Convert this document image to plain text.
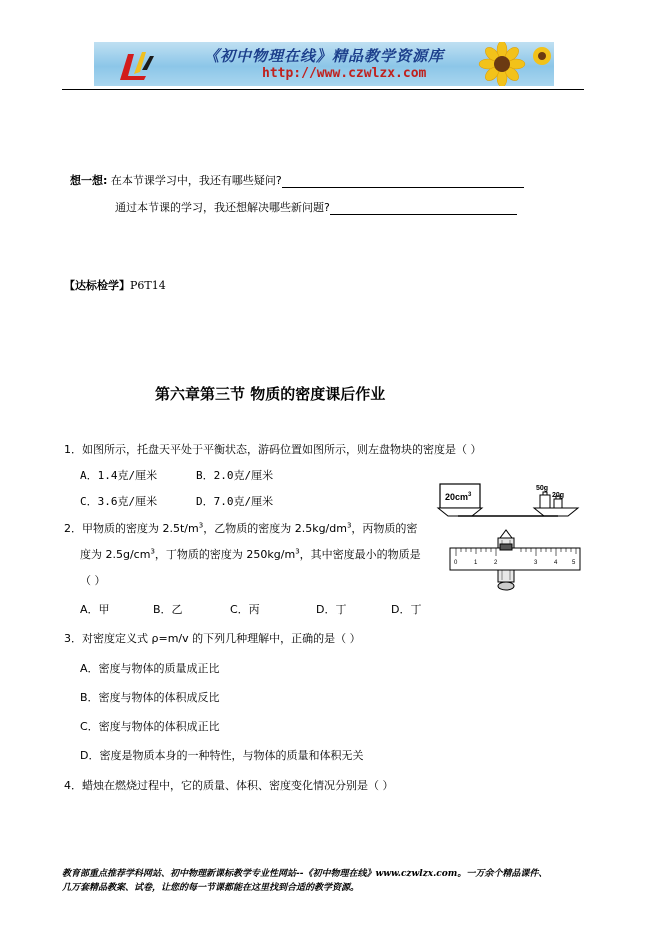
《初中物理在线》精品教学资源库
http://www.czwlzx.com
想一想: 在本节课学习中，我还有哪些疑问?
通过本节课的学习，我还想解决哪些新问题?
【达标检学】P6T14
第六章第三节 物质的密度课后作业
1．如图所示，托盘天平处于平衡状态，游码位置如图所示，则左盘物块的密度是（ ）
A．1.4克/厘米	B．2.0克/厘米
C．3.6克/厘米	D．7.0克/厘米
2．甲物质的密度为 $2.5t/m^3$，乙物质的密度为 $2.5kg/dm^3$，丙物质的密
度为 $2.5g/cm^3$，丁物质的密度为 $250kg/m^3$，其中密度最小的物质是
（ ）
A．甲	B．乙	C．丙	D．丁	D．丁
$20cm^3$
50g
20g
0	1	2	3	4 5
3．对密度定义式 ρ=m/v 的下列几种理解中，正确的是（ ）
A．密度与物体的质量成正比
B．密度与物体的体积成反比
C．密度与物体的体积成正比
D．密度是物质本身的一种特性，与物体的质量和体积无关
4．蜡烛在燃烧过程中，它的质量、体积、密度变化情况分别是（ ）
教育部重点推荐学科网站、初中物理新课标教学专业性网站--《初中物理在线》www.czwlzx.com。一万余个精品课件、
几万套精品教案、试卷，让您的每一节课都能在这里找到合适的教学资源。
